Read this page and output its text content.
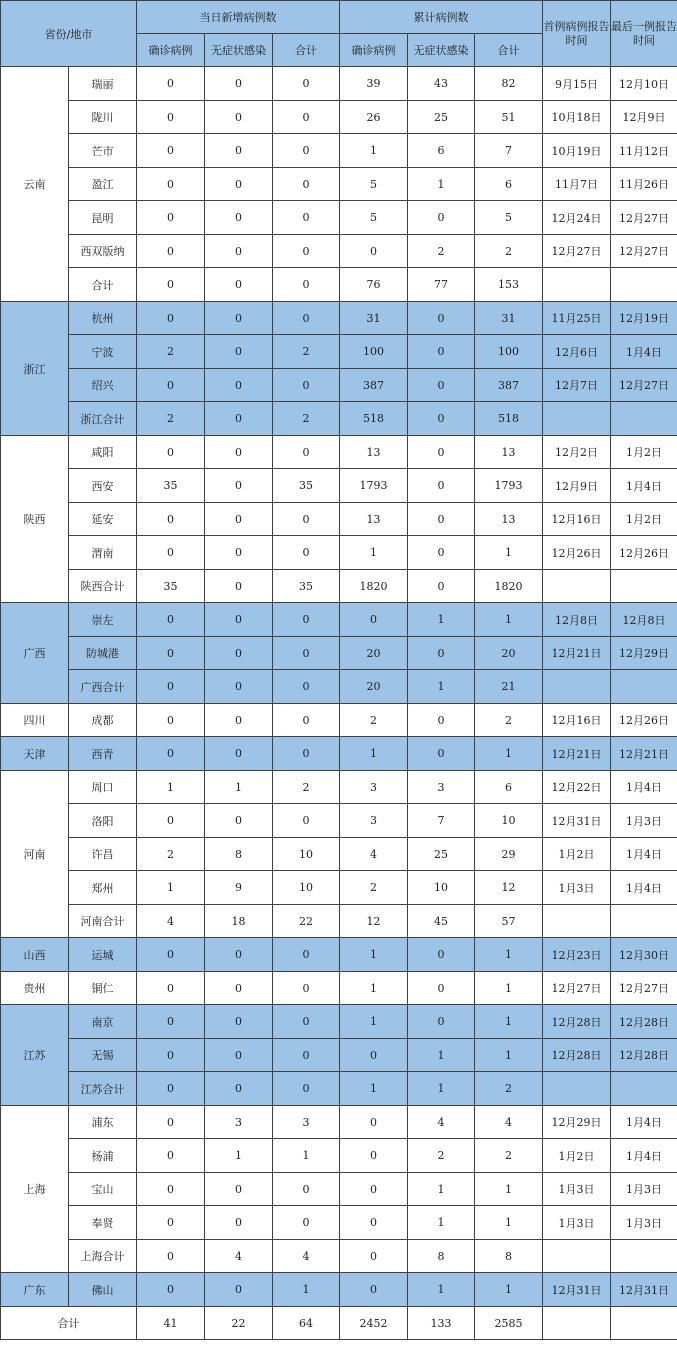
省份/地市		当日新增病例数			累计病例数			首例病例报告时间	最后一例报告时间
		确诊病例	无症状感染	合计	确诊病例	无症状感染	合计		
云南	瑞丽	0	0	0	39	43	82	9月15日	12月10日
	陇川	0	0	0	26	25	51	10月18日	12月9日
	芒市	0	0	0	1	6	7	10月19日	11月12日
	盈江	0	0	0	5	1	6	11月7日	11月26日
	昆明	0	0	0	5	0	5	12月24日	12月27日
	西双版纳	0	0	0	0	2	2	12月27日	12月27日
	合计	0	0	0	76	77	153		
浙江	杭州	0	0	0	31	0	31	11月25日	12月19日
	宁波	2	0	2	100	0	100	12月6日	1月4日
	绍兴	0	0	0	387	0	387	12月7日	12月27日
	浙江合计	2	0	2	518	0	518		
陕西	咸阳	0	0	0	13	0	13	12月2日	1月2日
	西安	35	0	35	1793	0	1793	12月9日	1月4日
	延安	0	0	0	13	0	13	12月16日	1月2日
	渭南	0	0	0	1	0	1	12月26日	12月26日
	陕西合计	35	0	35	1820	0	1820		
广西	崇左	0	0	0	0	1	1	12月8日	12月8日
	防城港	0	0	0	20	0	20	12月21日	12月29日
	广西合计	0	0	0	20	1	21		
四川	成都	0	0	0	2	0	2	12月16日	12月26日
天津	西青	0	0	0	1	0	1	12月21日	12月21日
河南	周口	1	1	2	3	3	6	12月22日	1月4日
	洛阳	0	0	0	3	7	10	12月31日	1月3日
	许昌	2	8	10	4	25	29	1月2日	1月4日
	郑州	1	9	10	2	10	12	1月3日	1月4日
	河南合计	4	18	22	12	45	57		
山西	运城	0	0	0	1	0	1	12月23日	12月30日
贵州	铜仁	0	0	0	1	0	1	12月27日	12月27日
江苏	南京	0	0	0	1	0	1	12月28日	12月28日
	无锡	0	0	0	0	1	1	12月28日	12月28日
	江苏合计	0	0	0	1	1	2		
上海	浦东	0	3	3	0	4	4	12月29日	1月4日
	杨浦	0	1	1	0	2	2	1月2日	1月4日
	宝山	0	0	0	0	1	1	1月3日	1月3日
	奉贤	0	0	0	0	1	1	1月3日	1月3日
	上海合计	0	4	4	0	8	8		
广东	佛山	0	0	1	0	1	1	12月31日	12月31日
合计		41	22	64	2452	133	2585		
